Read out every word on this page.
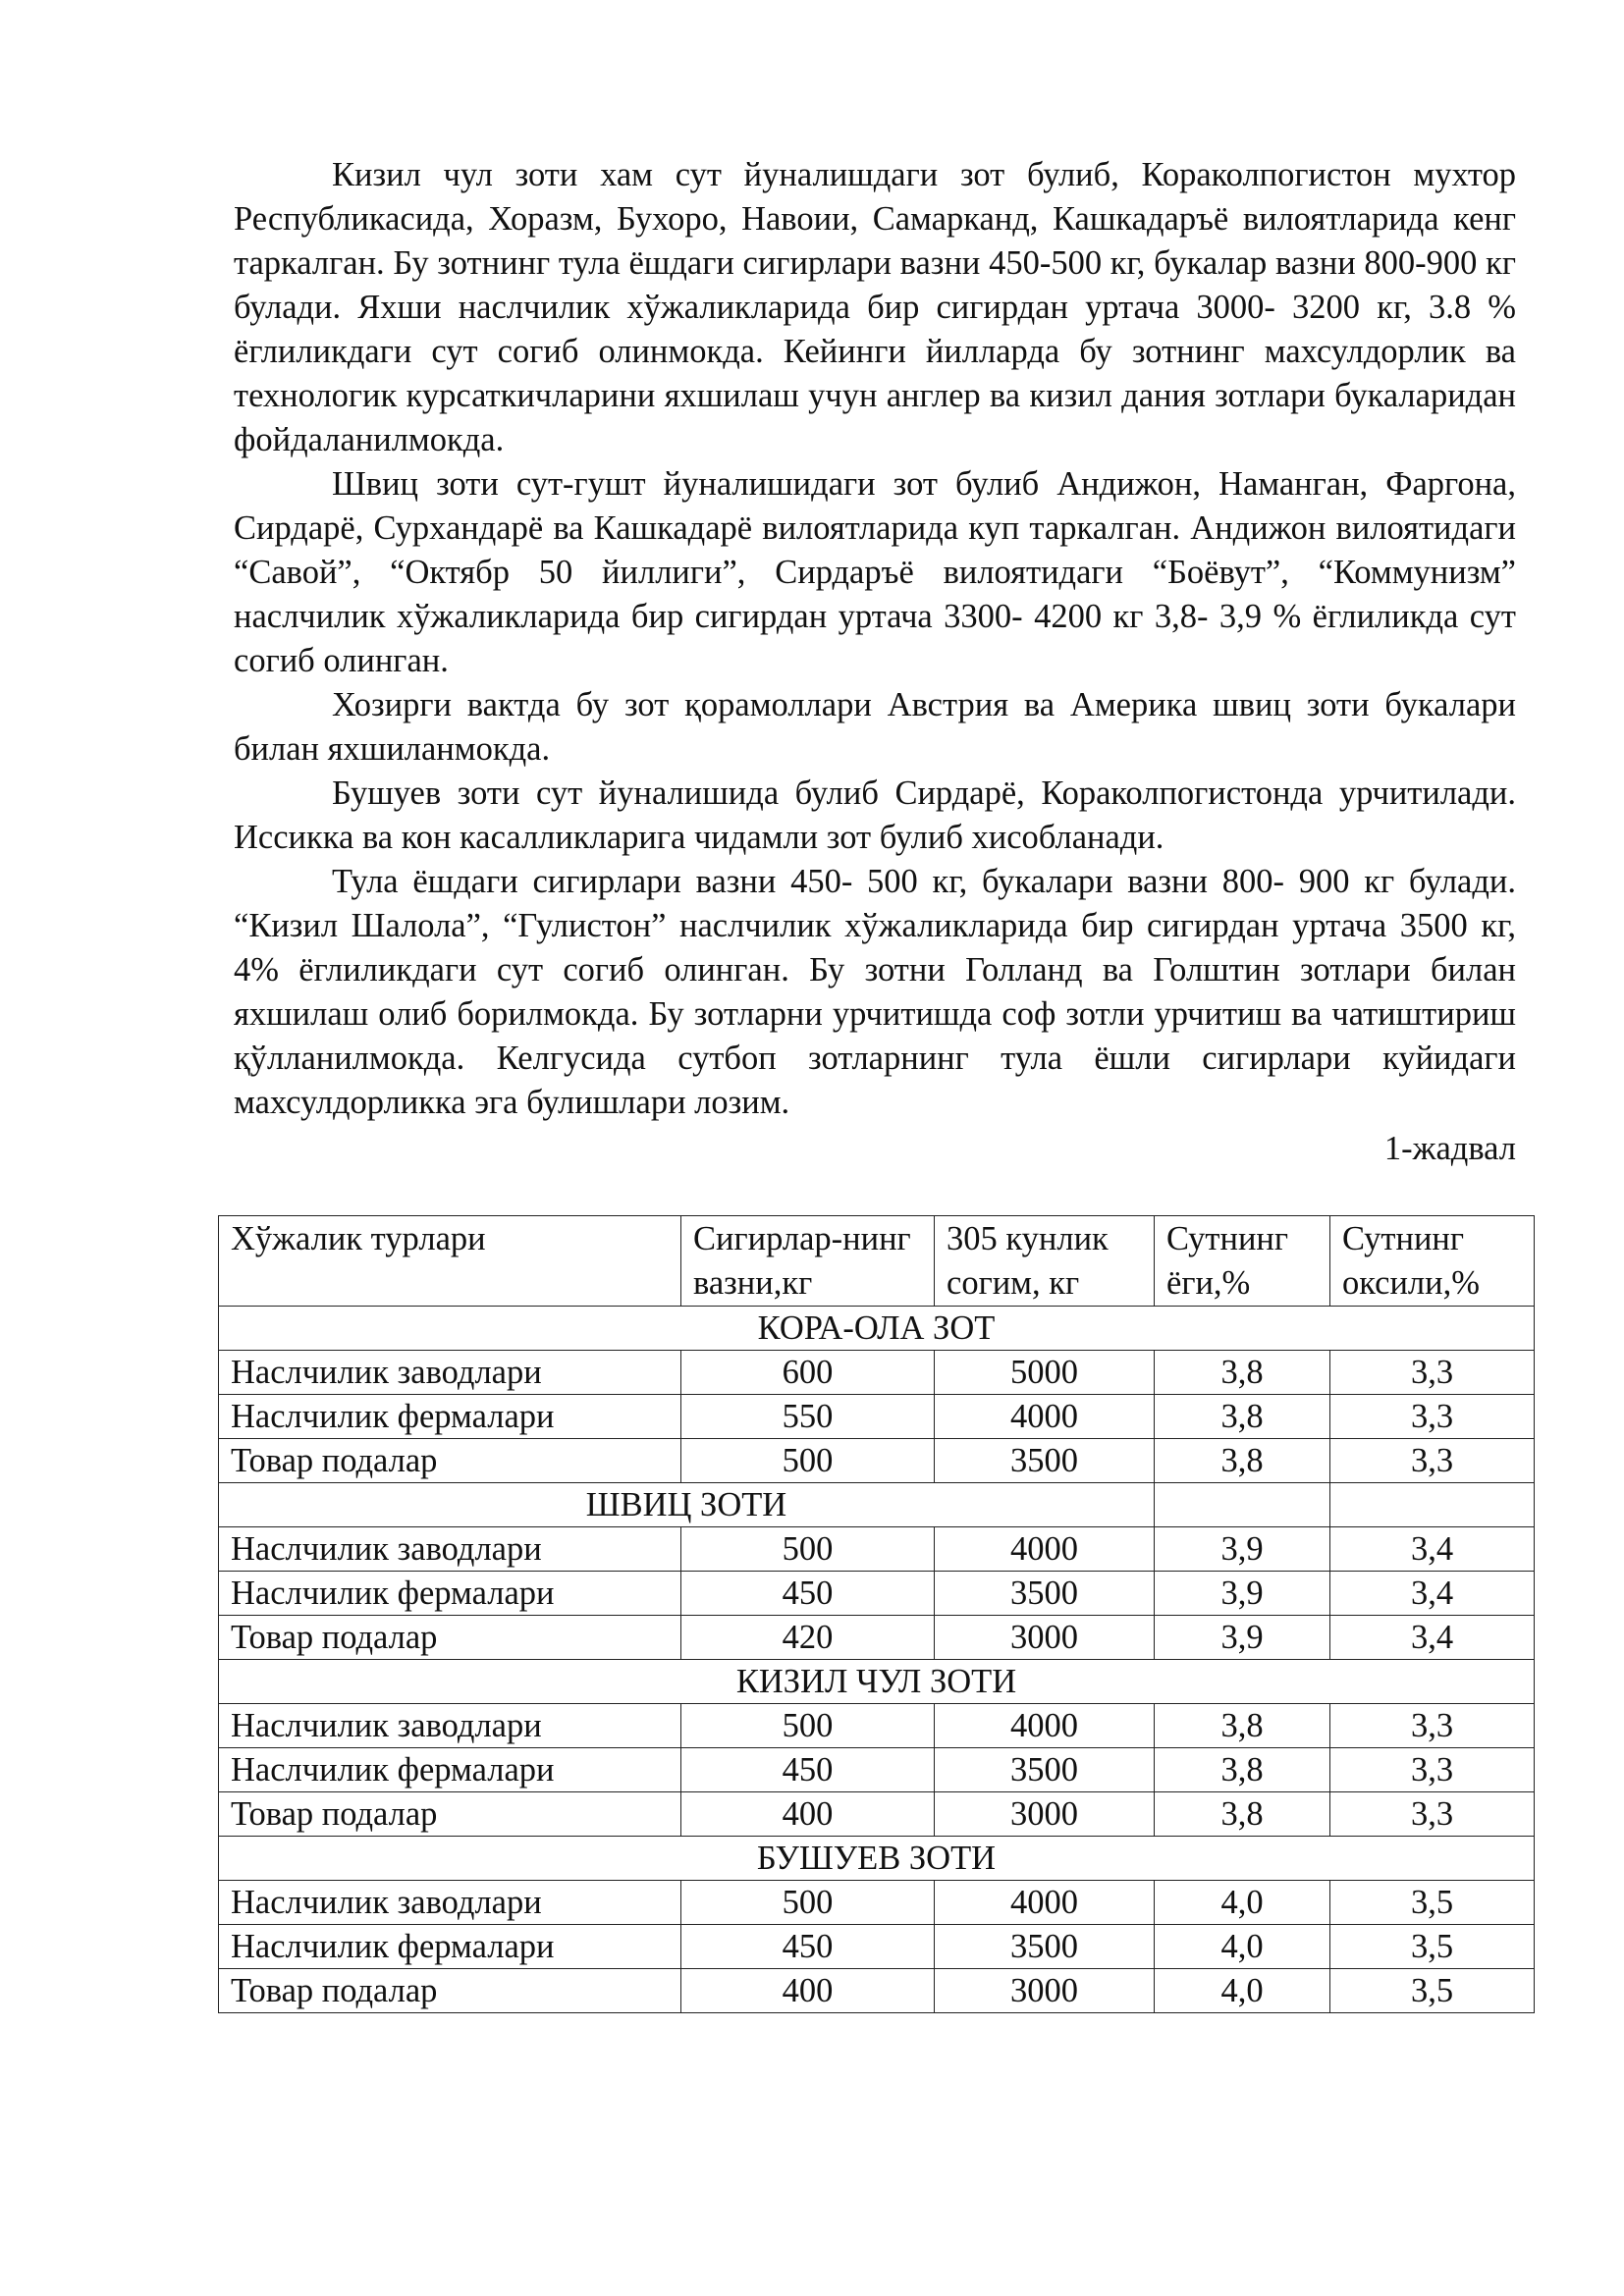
Кизил чул зоти хам сут йуналишдаги зот булиб, Кораколпогистон мухтор Республикасида, Хоразм, Бухоро, Навоии, Самарканд, Кашкадаръё вилоятларида кенг таркалган. Бу зотнинг тула ёшдаги сигирлари вазни 450-500 кг, букалар вазни 800-900 кг булади. Яхши наслчилик хўжаликларида бир сигирдан уртача 3000- 3200 кг, 3.8 % ёглиликдаги сут согиб олинмокда. Кейинги йилларда бу зотнинг махсулдорлик ва технологик курсаткичларини яхшилаш учун англер ва кизил дания зотлари букаларидан фойдаланилмокда.

Швиц зоти сут-гушт йуналишидаги зот булиб Андижон, Наманган, Фаргона, Сирдарё, Сурхандарё ва Кашкадарё вилоятларида куп таркалган. Андижон вилоятидаги “Савой”, “Октябр 50 йиллиги”, Сирдаръё вилоятидаги “Боёвут”, “Коммунизм” наслчилик хўжаликларида бир сигирдан уртача 3300- 4200 кг 3,8- 3,9 % ёглиликда сут согиб олинган.

Хозирги вактда бу зот қорамоллари Австрия ва Америка швиц зоти букалари билан яхшиланмокда.

Бушуев зоти сут йуналишида булиб Сирдарё, Кораколпогистонда урчитилади. Иссикка ва кон касалликларига чидамли зот булиб хисобланади.

Тула ёшдаги сигирлари вазни 450- 500 кг, букалари вазни 800- 900 кг булади. “Кизил Шалола”, “Гулистон” наслчилик хўжаликларида бир сигирдан уртача 3500 кг, 4% ёглиликдаги сут согиб олинган. Бу зотни Голланд ва Голштин зотлари билан яхшилаш олиб борилмокда. Бу зотларни урчитишда соф зотли урчитиш ва чатиштириш қўлланилмокда. Келгусида сутбоп зотларнинг тула ёшли сигирлари куйидаги махсулдорликка эга булишлари лозим.

1-жадвал

Хўжалик турлари	Сигирлар-нинг вазни,кг	305 кунлик согим, кг	Сутнинг ёги,%	Сутнинг оксили,%
КОРА-ОЛА ЗОТ				
Наслчилик заводлари	600	5000	3,8	3,3
Наслчилик фермалари	550	4000	3,8	3,3
Товар подалар	500	3500	3,8	3,3
ШВИЦ ЗОТИ				
Наслчилик заводлари	500	4000	3,9	3,4
Наслчилик фермалари	450	3500	3,9	3,4
Товар подалар	420	3000	3,9	3,4
КИЗИЛ ЧУЛ ЗОТИ				
Наслчилик заводлари	500	4000	3,8	3,3
Наслчилик фермалари	450	3500	3,8	3,3
Товар подалар	400	3000	3,8	3,3
БУШУЕВ ЗОТИ				
Наслчилик заводлари	500	4000	4,0	3,5
Наслчилик фермалари	450	3500	4,0	3,5
Товар подалар	400	3000	4,0	3,5
